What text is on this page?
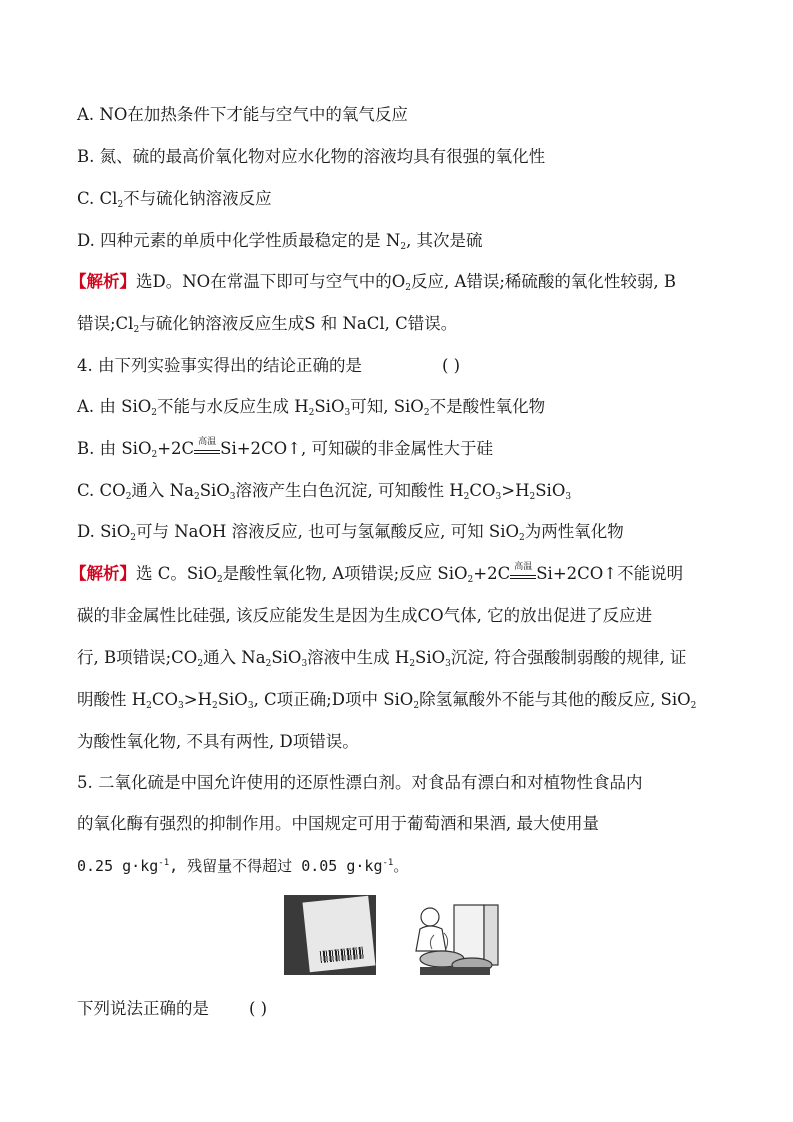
A. NO在加热条件下才能与空气中的氧气反应
B. 氮、硫的最高价氧化物对应水化物的溶液均具有很强的氧化性
C. $Cl_2$不与硫化钠溶液反应
D. 四种元素的单质中化学性质最稳定的是 $N_2$, 其次是硫
【解析】选D。NO在常温下即可与空气中的$O_2$反应, A错误;稀硫酸的氧化性较弱, B
错误$;Cl_2$与硫化钠溶液反应生成S 和 NaCl, C错误。
4. 由下列实验事实得出的结论正确的是	( )
A. 由 SiO$_2$不能与水反应生成 $H_2SiO_3$可知, SiO$_2$不是酸性氧化物
B. 由 SiO$_2$+2C 高温 Si+2CO↑, 可知碳的非金属性大于硅
C. $CO_2$通入 $Na_2SiO_3$溶液产生白色沉淀, 可知酸性 $H_2CO_3>H_2SiO_3$
D. SiO$_2$可与 NaOH 溶液反应, 也可与氢氟酸反应, 可知 SiO$_2$为两性氧化物
【解析】选 C。SiO$_2$是酸性氧化物, A项错误;反应 SiO$_2$+2C 高温 Si+2CO↑不能说明
碳的非金属性比硅强, 该反应能发生是因为生成CO气体, 它的放出促进了反应进
行, B项错误$;CO_2$通入 $Na_2SiO_3$溶液中生成 $H_2SiO_3$沉淀, 符合强酸制弱酸的规律, 证
明酸性 $H_2CO_3>H_2SiO_3$, C项正确;D项中 SiO$_2$除氢氟酸外不能与其他的酸反应, SiO$_2$
为酸性氧化物, 不具有两性, D项错误。
5. 二氧化硫是中国允许使用的还原性漂白剂。对食品有漂白和对植物性食品内
的氧化酶有强烈的抑制作用。中国规定可用于葡萄酒和果酒, 最大使用量
0.25 $g\cdot kg^{-1}$, 残留量不得超过 0.05 $g\cdot kg^{-1}$。
下列说法正确的是 ( )
